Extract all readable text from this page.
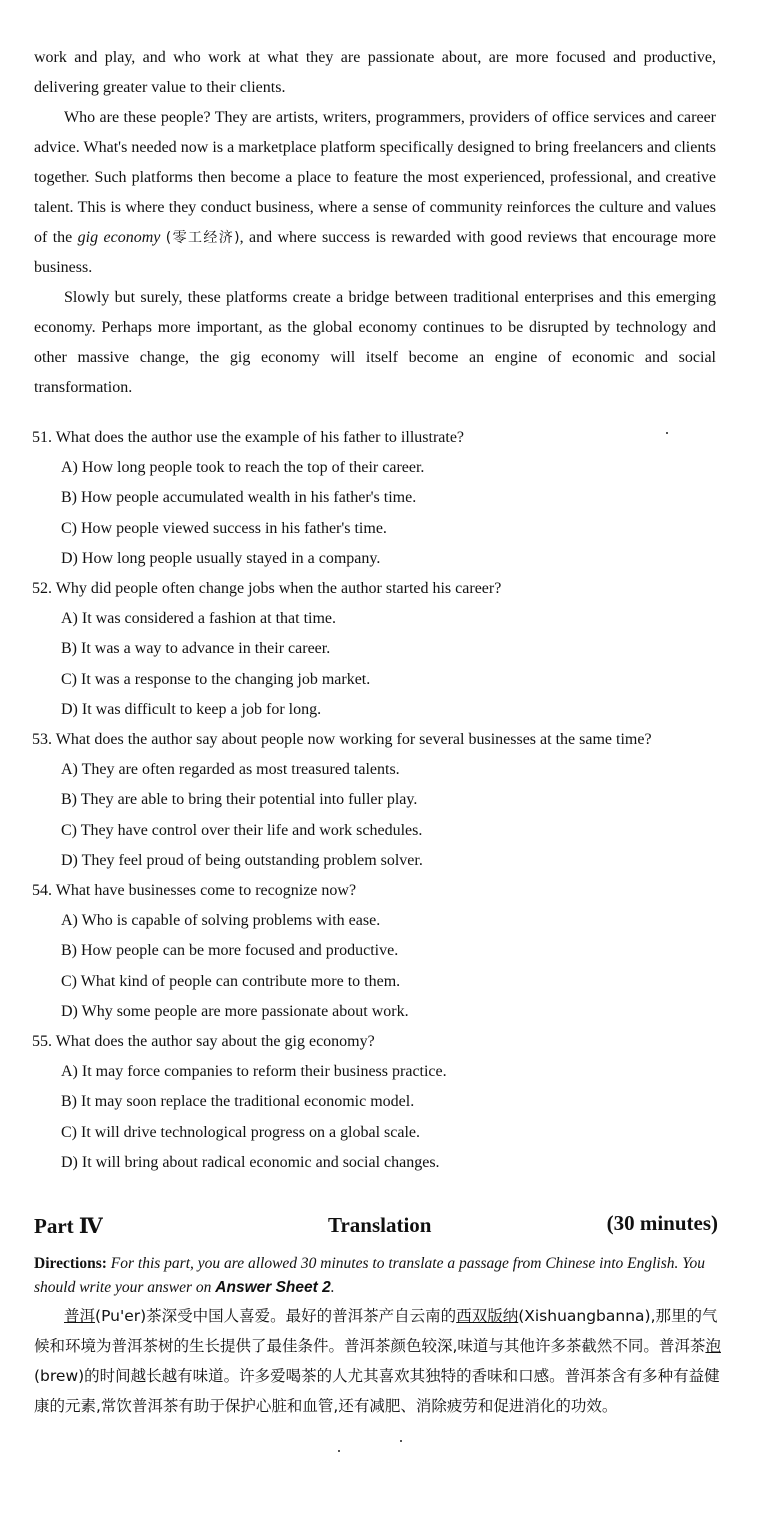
work and play, and who work at what they are passionate about, are more focused and productive, delivering greater value to their clients.

Who are these people? They are artists, writers, programmers, providers of office services and career advice. What's needed now is a marketplace platform specifically designed to bring freelancers and clients together. Such platforms then become a place to feature the most experienced, professional, and creative talent. This is where they conduct business, where a sense of community reinforces the culture and values of the gig economy (零工经济), and where success is rewarded with good reviews that encourage more business.

Slowly but surely, these platforms create a bridge between traditional enterprises and this emerging economy. Perhaps more important, as the global economy continues to be disrupted by technology and other massive change, the gig economy will itself become an engine of economic and social transformation.

51. What does the author use the example of his father to illustrate?

A) How long people took to reach the top of their career.

B) How people accumulated wealth in his father's time.

C) How people viewed success in his father's time.

D) How long people usually stayed in a company.

52. Why did people often change jobs when the author started his career?

A) It was considered a fashion at that time.

B) It was a way to advance in their career.

C) It was a response to the changing job market.

D) It was difficult to keep a job for long.

53. What does the author say about people now working for several businesses at the same time?

A) They are often regarded as most treasured talents.

B) They are able to bring their potential into fuller play.

C) They have control over their life and work schedules.

D) They feel proud of being outstanding problem solver.

54. What have businesses come to recognize now?

A) Who is capable of solving problems with ease.

B) How people can be more focused and productive.

C) What kind of people can contribute more to them.

D) Why some people are more passionate about work.

55. What does the author say about the gig economy?

A) It may force companies to reform their business practice.

B) It may soon replace the traditional economic model.

C) It will drive technological progress on a global scale.

D) It will bring about radical economic and social changes.

Part Ⅳ	Translation	(30 minutes)

Directions: For this part, you are allowed 30 minutes to translate a passage from Chinese into English. You should write your answer on Answer Sheet 2.

普洱(Pu'er)茶深受中国人喜爱。最好的普洱茶产自云南的西双版纳(Xishuangbanna),那里的气候和环境为普洱茶树的生长提供了最佳条件。普洱茶颜色较深,味道与其他许多茶截然不同。普洱茶泡(brew)的时间越长越有味道。许多爱喝茶的人尤其喜欢其独特的香味和口感。普洱茶含有多种有益健康的元素,常饮普洱茶有助于保护心脏和血管,还有减肥、消除疲劳和促进消化的功效。
